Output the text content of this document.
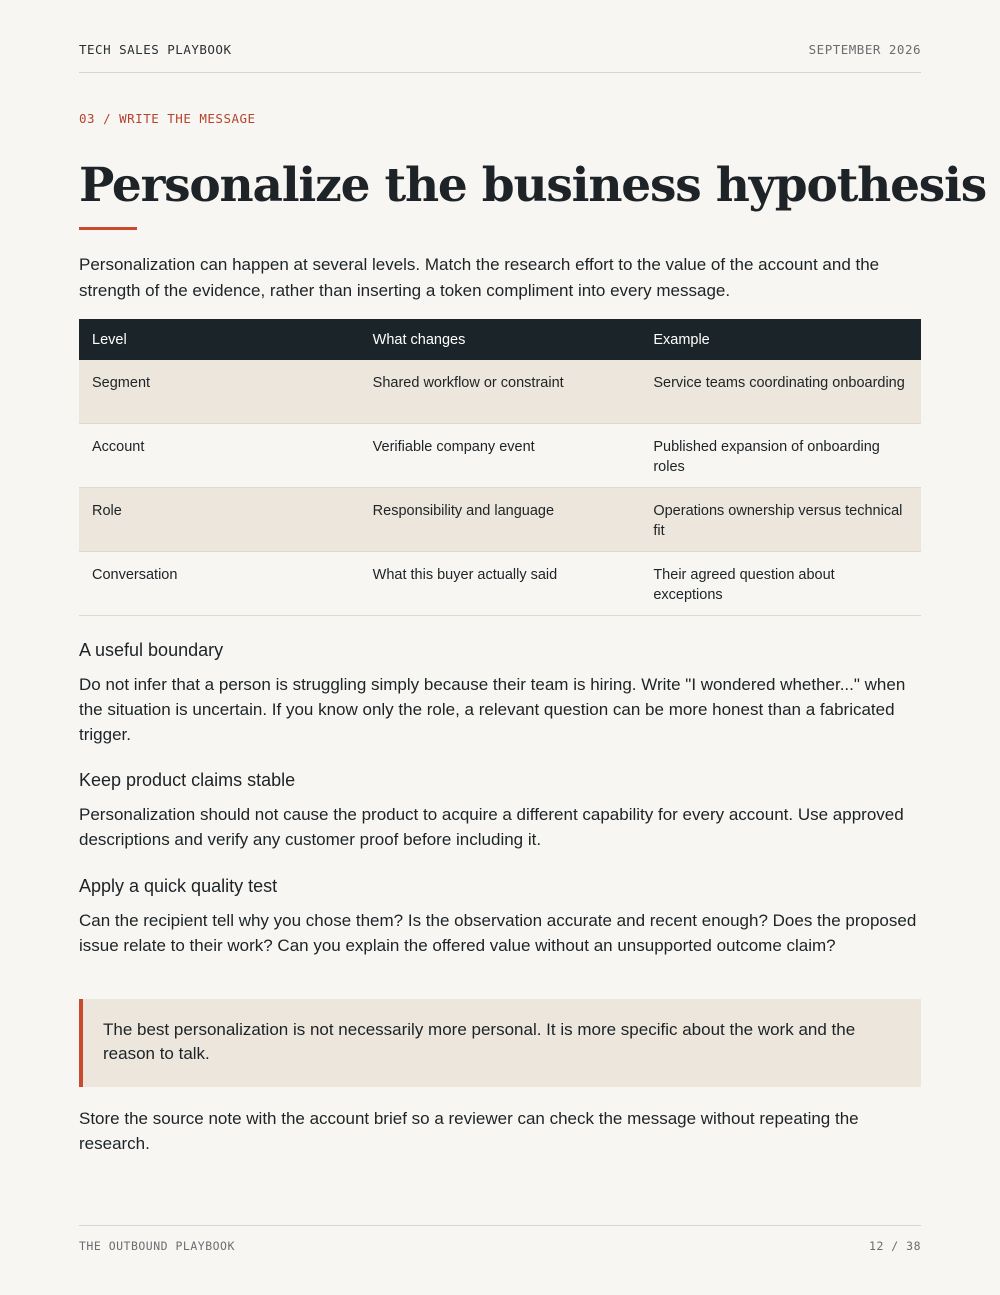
TECH SALES PLAYBOOK	SEPTEMBER 2026
03 / WRITE THE MESSAGE
Personalize the business hypothesis

Personalization can happen at several levels. Match the research effort to the value of the account and the strength of the evidence, rather than inserting a token compliment into every message.

Level	What changes	Example
Segment	Shared workflow or constraint	Service teams coordinating onboarding
Account	Verifiable company event	Published expansion of onboarding roles
Role	Responsibility and language	Operations ownership versus technical fit
Conversation	What this buyer actually said	Their agreed question about exceptions
A useful boundary

Do not infer that a person is struggling simply because their team is hiring. Write "I wondered whether..." when the situation is uncertain. If you know only the role, a relevant question can be more honest than a fabricated trigger.

Keep product claims stable

Personalization should not cause the product to acquire a different capability for every account. Use approved descriptions and verify any customer proof before including it.

Apply a quick quality test

Can the recipient tell why you chose them? Is the observation accurate and recent enough? Does the proposed issue relate to their work? Can you explain the offered value without an unsupported outcome claim?

The best personalization is not necessarily more personal. It is more specific about the work and the reason to talk.

Store the source note with the account brief so a reviewer can check the message without repeating the research.

THE OUTBOUND PLAYBOOK	12 / 38
